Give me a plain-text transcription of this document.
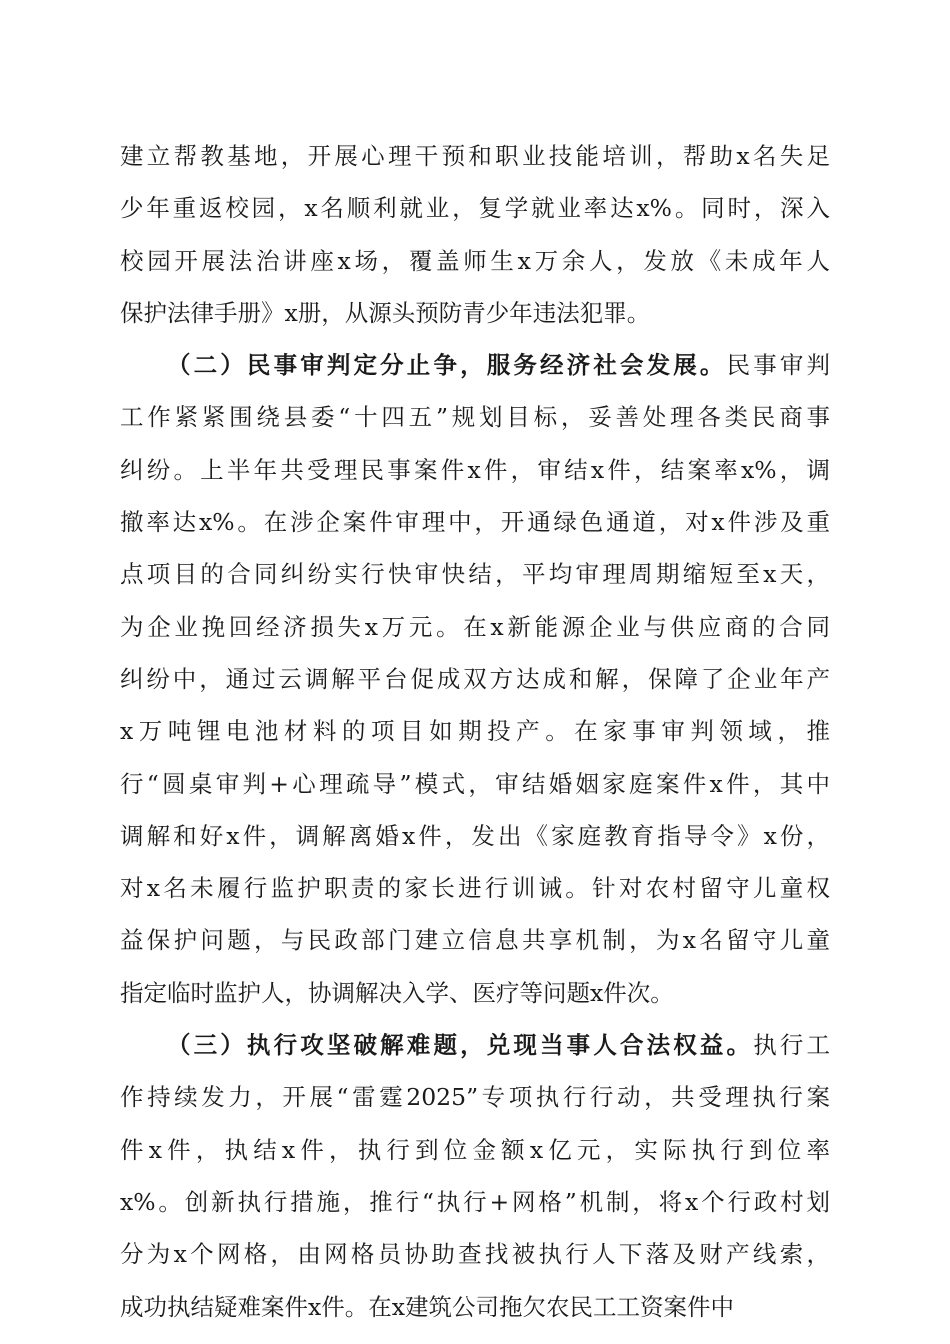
建立帮教基地，开展心理干预和职业技能培训，帮助x名失足
少年重返校园，x名顺利就业，复学就业率达x%。同时，深入
校园开展法治讲座x场，覆盖师生x万余人，发放《未成年人
保护法律手册》x册，从源头预防青少年违法犯罪。
（二）民事审判定分止争，服务经济社会发展。民事审判
工作紧紧围绕县委“十四五”规划目标，妥善处理各类民商事
纠纷。上半年共受理民事案件x件，审结x件，结案率x%，调
撤率达x%。在涉企案件审理中，开通绿色通道，对x件涉及重
点项目的合同纠纷实行快审快结，平均审理周期缩短至x天，
为企业挽回经济损失x万元。在x新能源企业与供应商的合同
纠纷中，通过云调解平台促成双方达成和解，保障了企业年产
x万吨锂电池材料的项目如期投产。在家事审判领域，推
行“圆桌审判+心理疏导”模式，审结婚姻家庭案件x件，其中
调解和好x件，调解离婚x件，发出《家庭教育指导令》x份，
对x名未履行监护职责的家长进行训诫。针对农村留守儿童权
益保护问题，与民政部门建立信息共享机制，为x名留守儿童
指定临时监护人，协调解决入学、医疗等问题x件次。
（三）执行攻坚破解难题，兑现当事人合法权益。执行工
作持续发力，开展“雷霆2025”专项执行行动，共受理执行案
件x件，执结x件，执行到位金额x亿元，实际执行到位率
x%。创新执行措施，推行“执行+网格”机制，将x个行政村划
分为x个网格，由网格员协助查找被执行人下落及财产线索，
成功执结疑难案件x件。在x建筑公司拖欠农民工工资案件中
